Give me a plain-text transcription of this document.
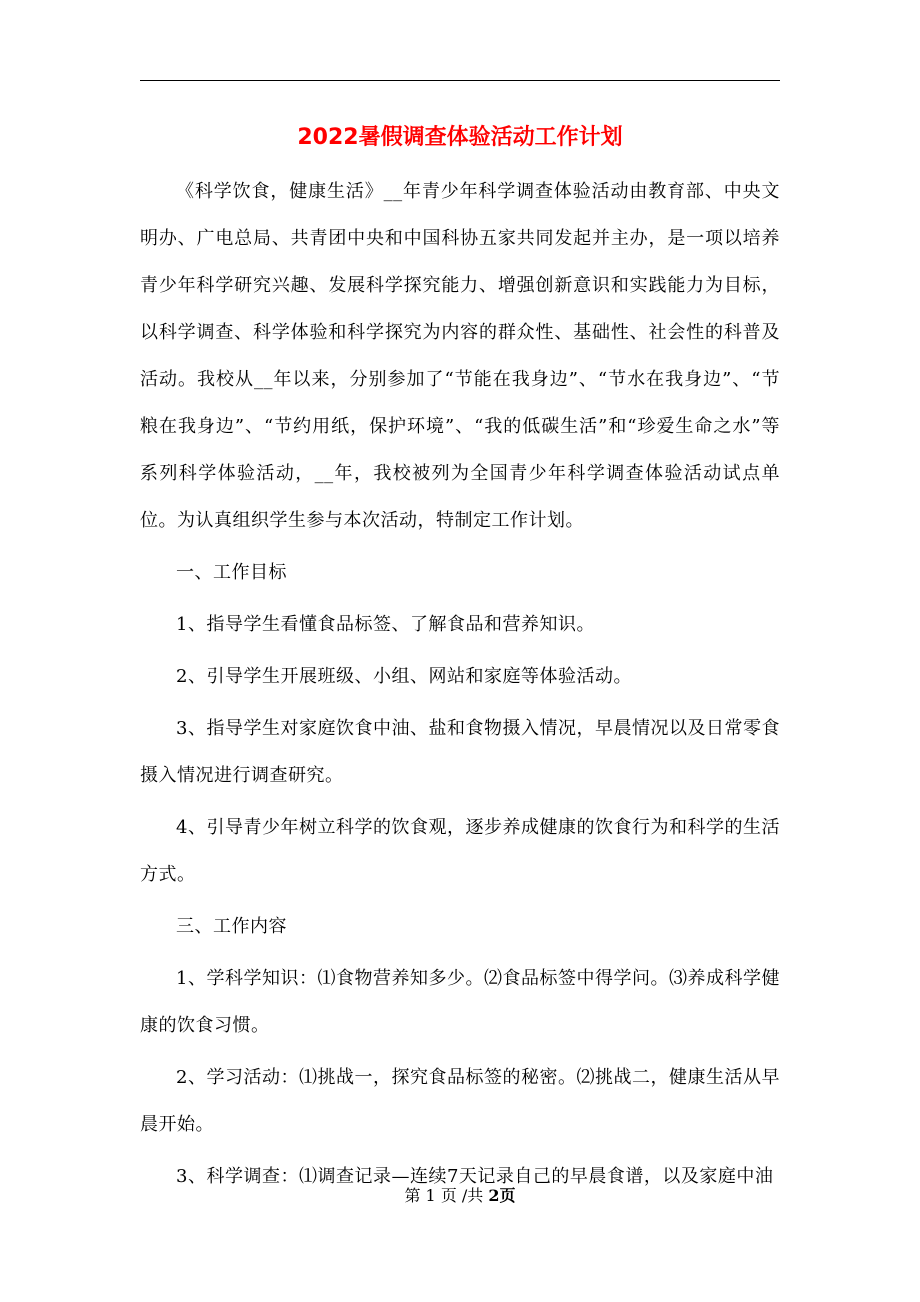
2022暑假调查体验活动工作计划

《科学饮食，健康生活》__年青少年科学调查体验活动由教育部、中央文明办、广电总局、共青团中央和中国科协五家共同发起并主办，是一项以培养青少年科学研究兴趣、发展科学探究能力、增强创新意识和实践能力为目标，以科学调查、科学体验和科学探究为内容的群众性、基础性、社会性的科普及活动。我校从__年以来，分别参加了“节能在我身边”、“节水在我身边”、“节粮在我身边”、“节约用纸，保护环境”、“我的低碳生活”和“珍爱生命之水”等系列科学体验活动，__年，我校被列为全国青少年科学调查体验活动试点单位。为认真组织学生参与本次活动，特制定工作计划。

一、工作目标

1、指导学生看懂食品标签、了解食品和营养知识。

2、引导学生开展班级、小组、网站和家庭等体验活动。

3、指导学生对家庭饮食中油、盐和食物摄入情况，早晨情况以及日常零食摄入情况进行调查研究。

4、引导青少年树立科学的饮食观，逐步养成健康的饮食行为和科学的生活方式。

三、工作内容

1、学科学知识：⑴食物营养知多少。⑵食品标签中得学问。⑶养成科学健康的饮食习惯。

2、学习活动：⑴挑战一，探究食品标签的秘密。⑵挑战二，健康生活从早晨开始。

3、科学调查：⑴调查记录—连续7天记录自己的早晨食谱，以及家庭中油

第 1 页 /共 2页
